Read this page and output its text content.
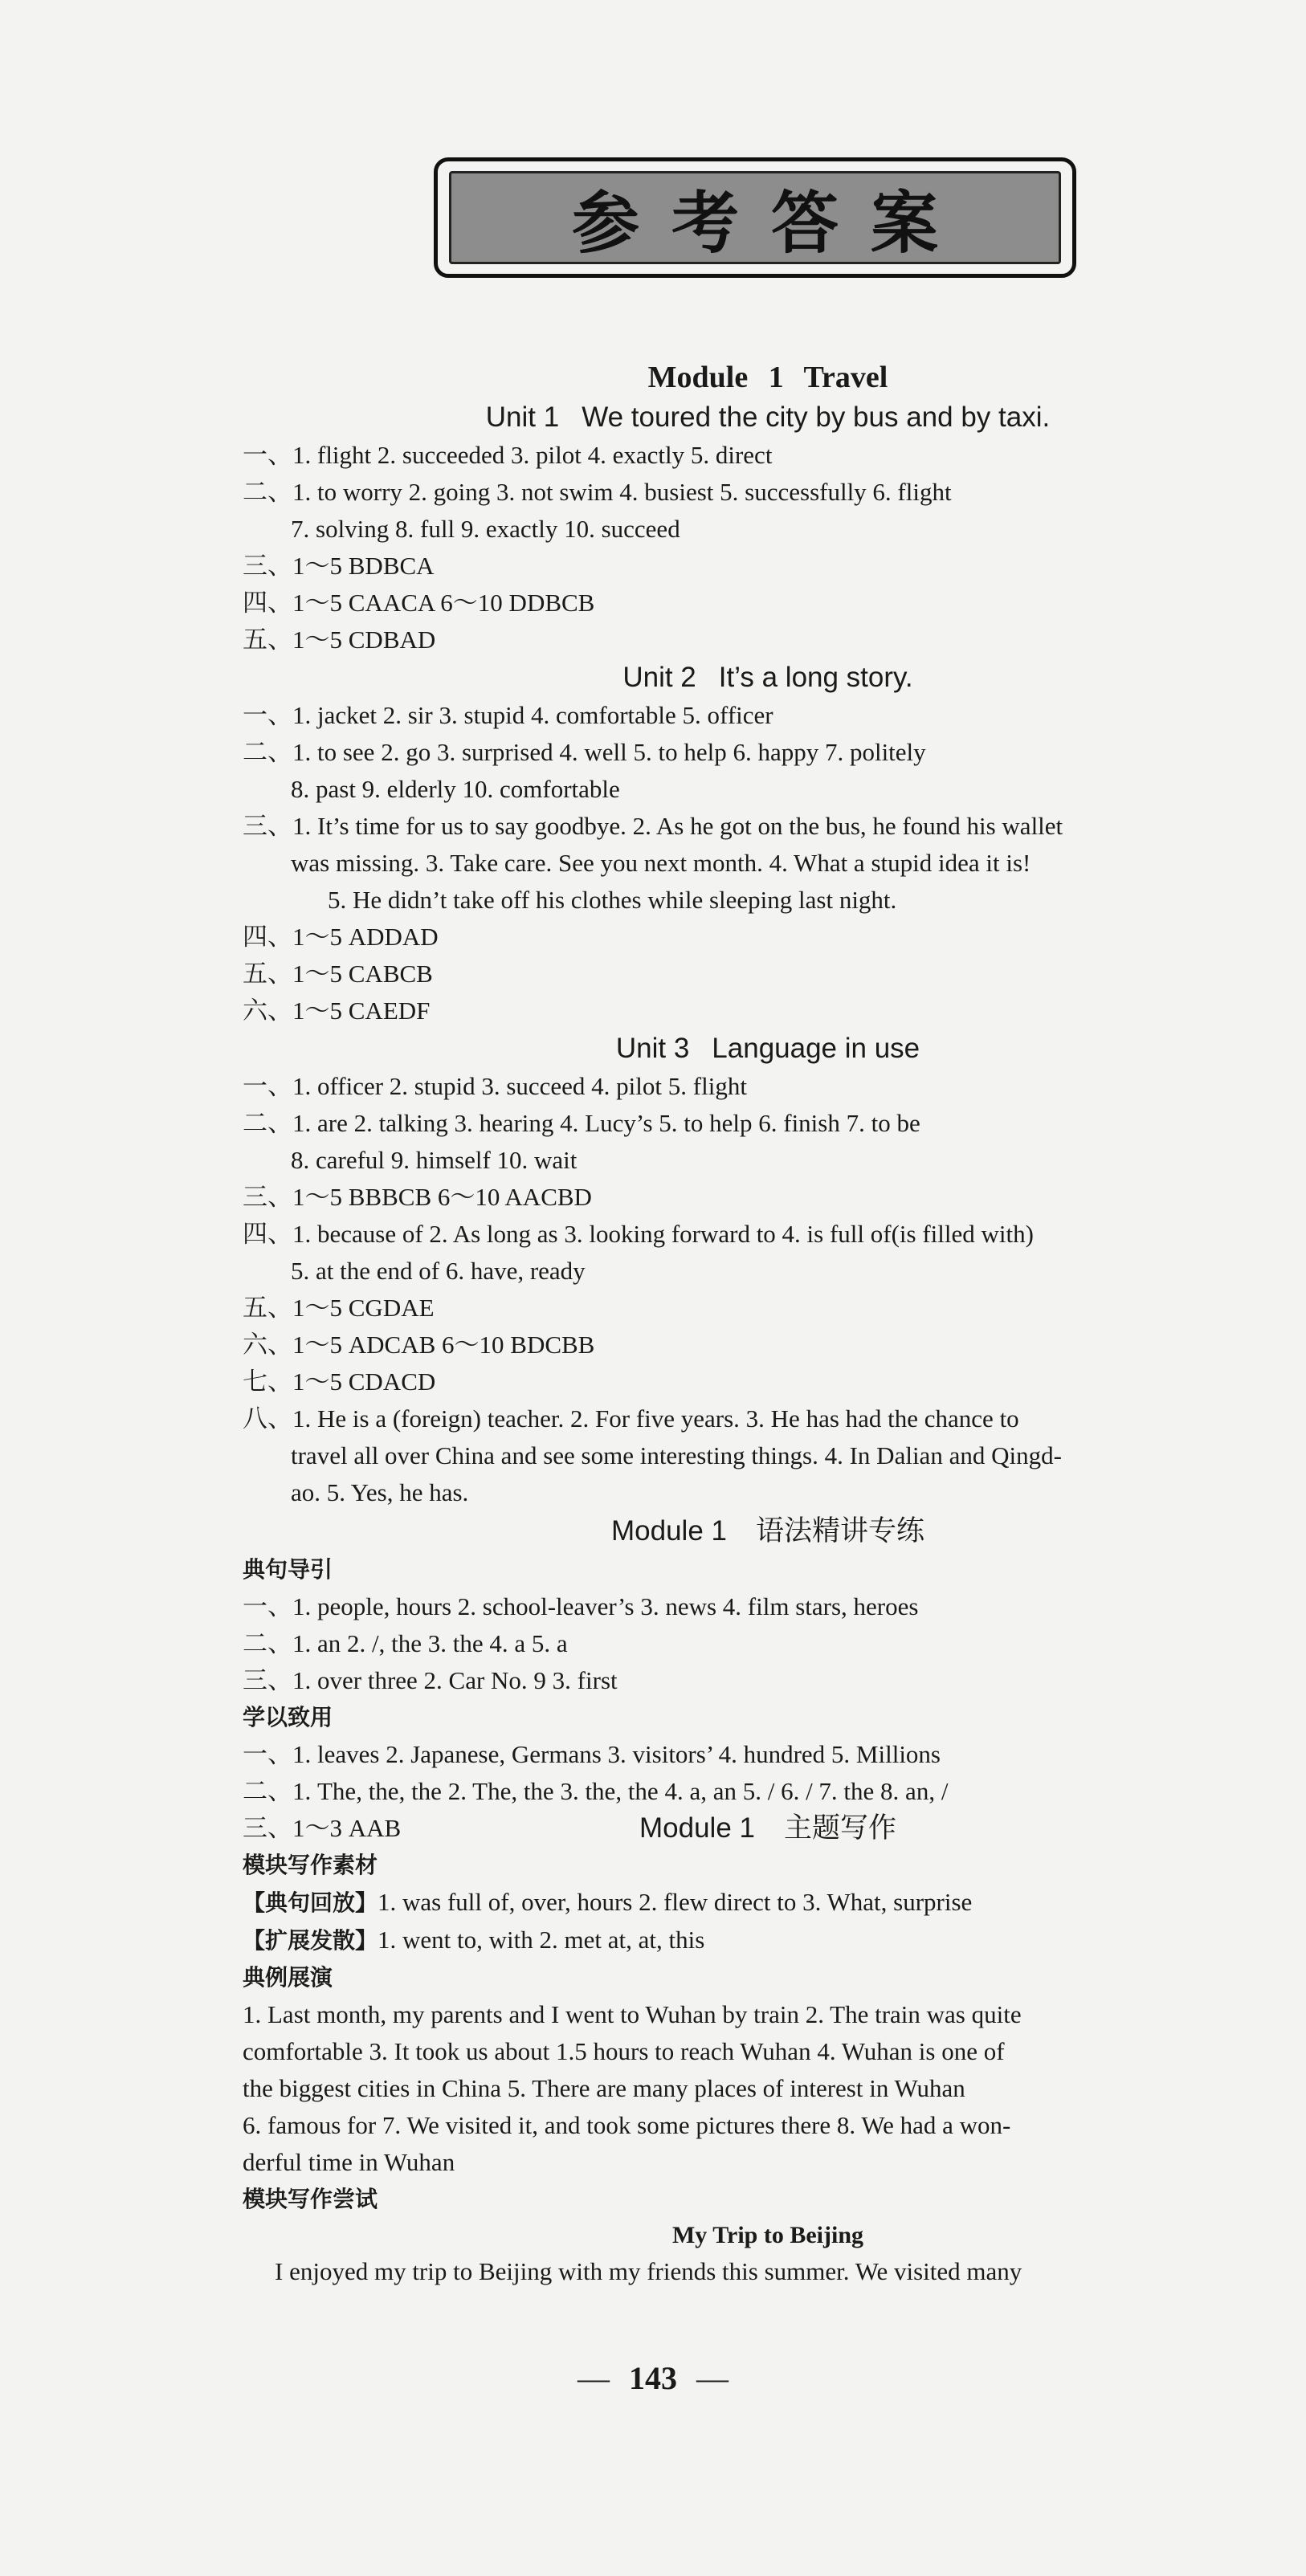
参考答案
Module 1 Travel
Unit 1 We toured the city by bus and by taxi.
一、1. flight 2. succeeded 3. pilot 4. exactly 5. direct
二、1. to worry 2. going 3. not swim 4. busiest 5. successfully 6. flight
7. solving 8. full 9. exactly 10. succeed
三、1～5 BDBCA
四、1～5 CAACA 6～10 DDBCB
五、1～5 CDBAD
Unit 2 It’s a long story.
一、1. jacket 2. sir 3. stupid 4. comfortable 5. officer
二、1. to see 2. go 3. surprised 4. well 5. to help 6. happy 7. politely
8. past 9. elderly 10. comfortable
三、1. It’s time for us to say goodbye. 2. As he got on the bus, he found his wallet
was missing. 3. Take care. See you next month. 4. What a stupid idea it is!
5. He didn’t take off his clothes while sleeping last night.
四、1～5 ADDAD
五、1～5 CABCB
六、1～5 CAEDF
Unit 3 Language in use
一、1. officer 2. stupid 3. succeed 4. pilot 5. flight
二、1. are 2. talking 3. hearing 4. Lucy’s 5. to help 6. finish 7. to be
8. careful 9. himself 10. wait
三、1～5 BBBCB 6～10 AACBD
四、1. because of 2. As long as 3. looking forward to 4. is full of(is filled with)
5. at the end of 6. have, ready
五、1～5 CGDAE
六、1～5 ADCAB 6～10 BDCBB
七、1～5 CDACD
八、1. He is a (foreign) teacher. 2. For five years. 3. He has had the chance to
travel all over China and see some interesting things. 4. In Dalian and Qingd-
ao. 5. Yes, he has.
Module 1 语法精讲专练
典句导引
一、1. people, hours 2. school-leaver’s 3. news 4. film stars, heroes
二、1. an 2. /, the 3. the 4. a 5. a
三、1. over three 2. Car No. 9 3. first
学以致用
一、1. leaves 2. Japanese, Germans 3. visitors’ 4. hundred 5. Millions
二、1. The, the, the 2. The, the 3. the, the 4. a, an 5. / 6. / 7. the 8. an, /
三、1～3 AAB	Module 1 主题写作
模块写作素材
【典句回放】1. was full of, over, hours 2. flew direct to 3. What, surprise
【扩展发散】1. went to, with 2. met at, at, this
典例展演
1. Last month, my parents and I went to Wuhan by train 2. The train was quite
comfortable 3. It took us about 1.5 hours to reach Wuhan 4. Wuhan is one of
the biggest cities in China 5. There are many places of interest in Wuhan
6. famous for 7. We visited it, and took some pictures there 8. We had a won-
derful time in Wuhan
模块写作尝试
My Trip to Beijing
I enjoyed my trip to Beijing with my friends this summer. We visited many
— 143 —
